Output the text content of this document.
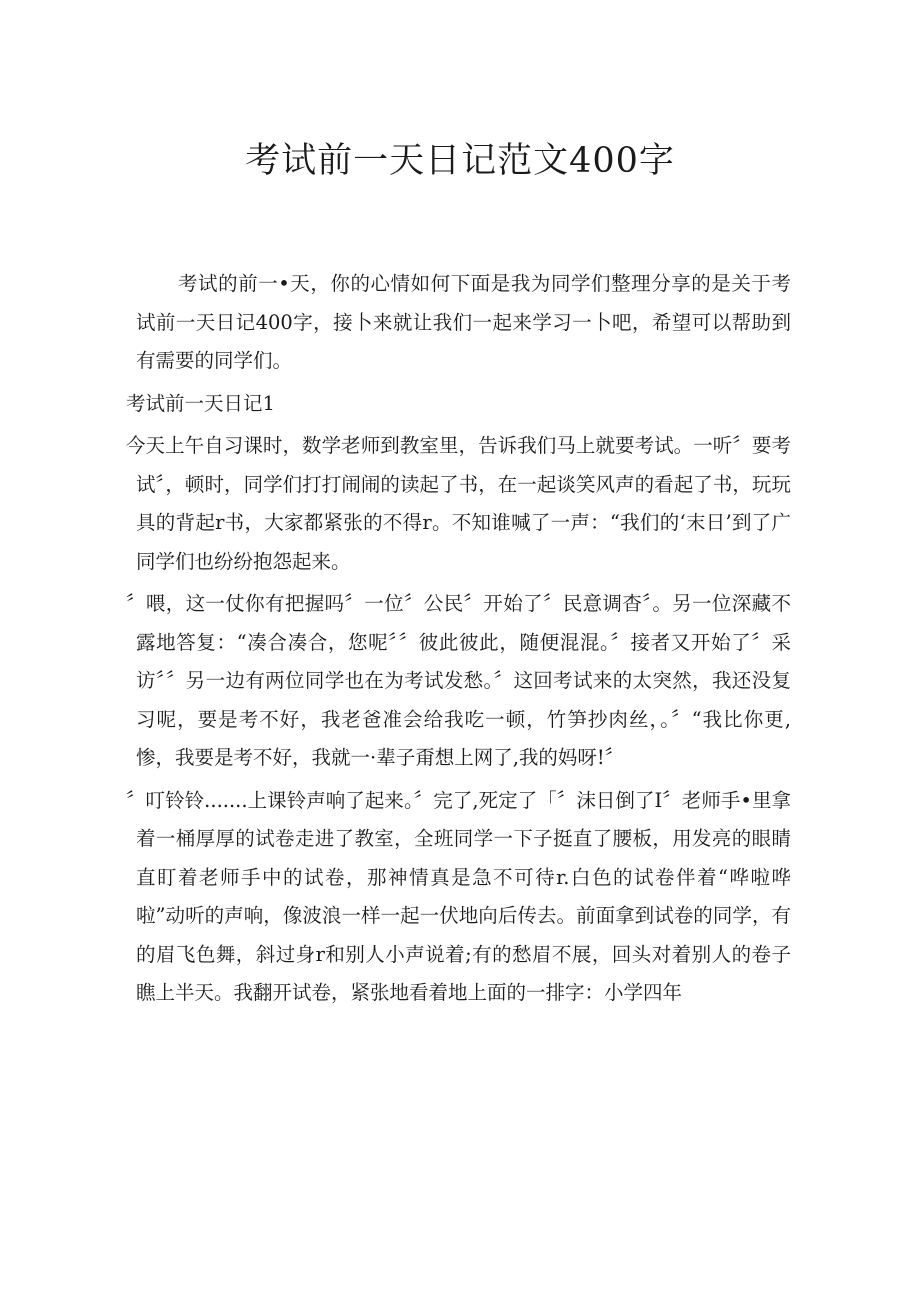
考试前一天日记范文400字

考试的前一•天，你的心情如何下面是我为同学们整理分享的是关于考试前一天日记400字，接卜来就让我们一起来学习一卜吧，希望可以帮助到有需要的同学们。

考试前一天日记1

今天上午自习课时，数学老师到教室里，告诉我们马上就要考试。一听〞要考试〞，顿时，同学们打打闹闹的读起了书，在一起谈笑风声的看起了书，玩玩具的背起r书，大家都紧张的不得r。不知谁喊了一声：“我们的‘末日’到了广同学们也纷纷抱怨起来。

〞喂，这一仗你有把握吗〞一位〞公民〞开始了〞民意调杳〞。另一位深藏不露地答复：“凑合凑合，您呢〞〞彼此彼此，随便混混。〞接者又开始了〞采访〞〞另一边有两位同学也在为考试发愁。〞这回考试来的太突然，我还没复习呢，要是考不好，我老爸准会给我吃一顿，竹笋抄肉丝，。〞“我比你更,惨，我要是考不好，我就一·辈子甭想上网了,我的妈呀!〞

〞叮铃铃.......上课铃声响了起来。〞完了,死定了「〞沫日倒了I〞老师手•里拿着一桶厚厚的试卷走进了教室，全班同学一下子挺直了腰板，用发亮的眼睛直盯着老师手中的试卷，那神情真是急不可待r.白色的试卷伴着“哗啦哗啦”动听的声响，像波浪一样一起一伏地向后传去。前面拿到试卷的同学，有的眉飞色舞，斜过身r和别人小声说着;有的愁眉不展，回头对着别人的卷子瞧上半天。我翻开试卷，紧张地看着地上面的一排字：小学四年
